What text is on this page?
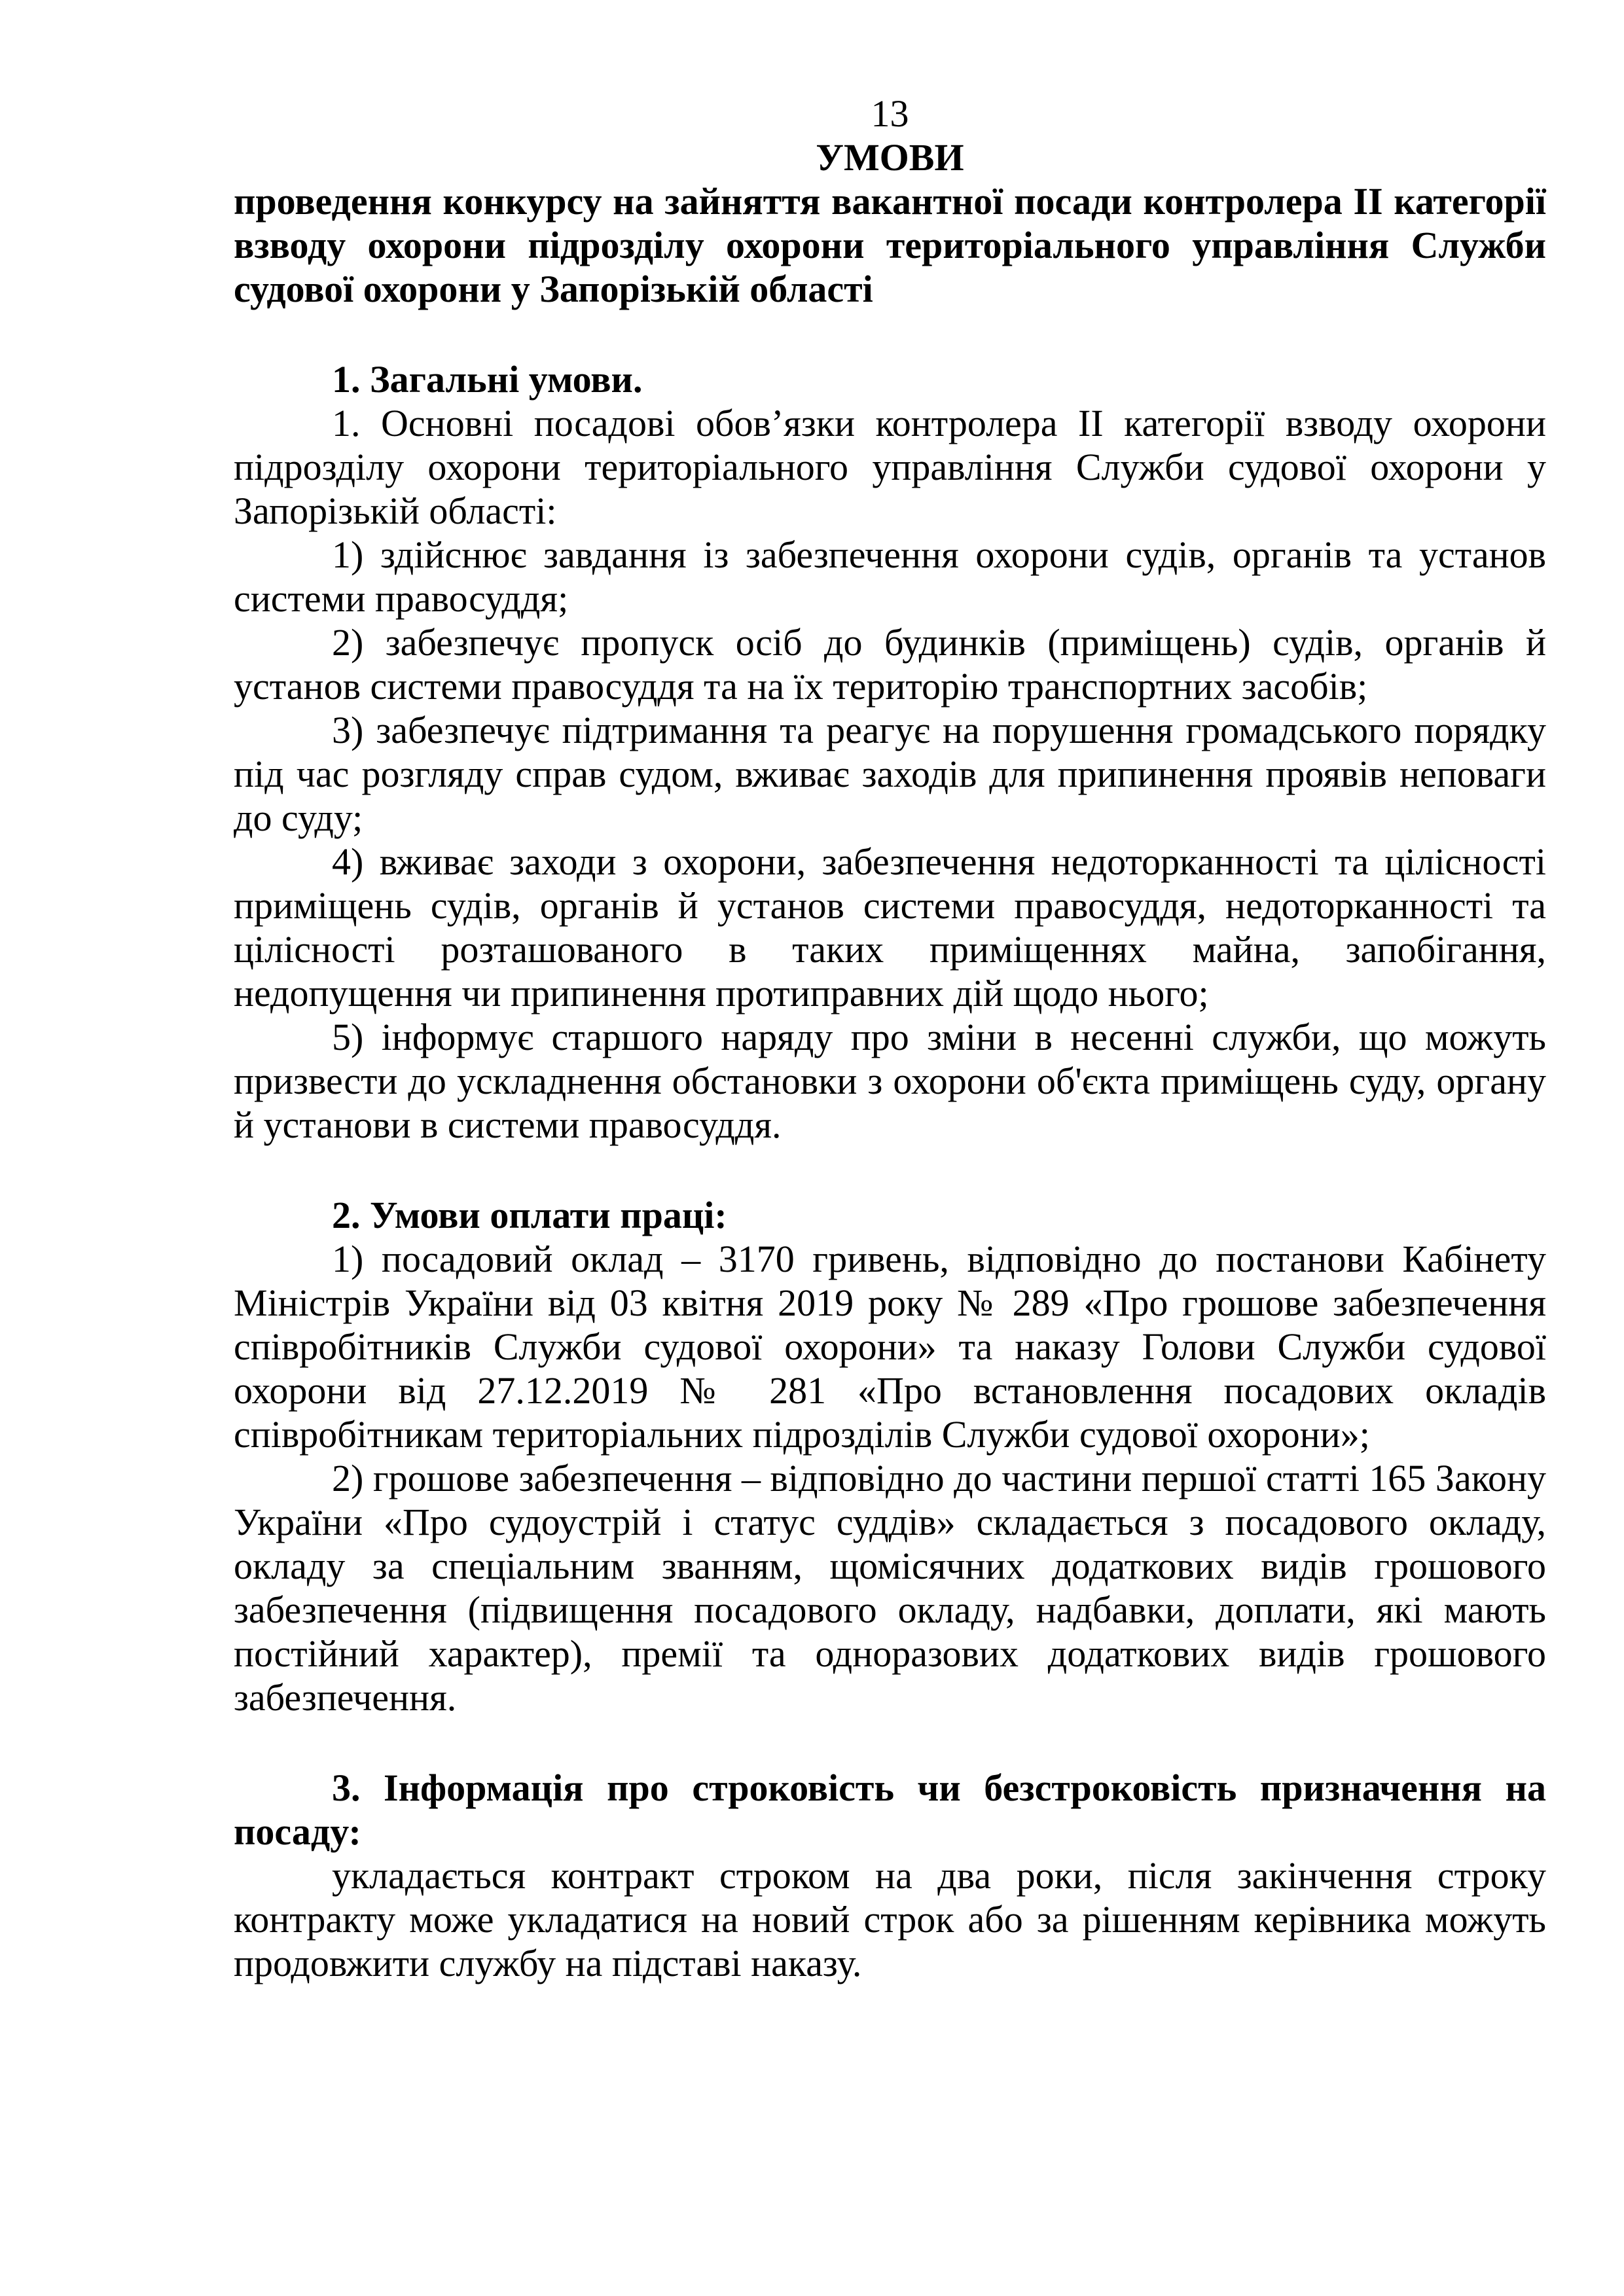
13

УМОВИ

проведення конкурсу на зайняття вакантної посади контролера ІІ категорії взводу охорони підрозділу охорони територіального управління Служби судової охорони у Запорізькій області

1. Загальні умови.

1. Основні посадові обов’язки контролера ІІ категорії взводу охорони підрозділу охорони територіального управління Служби судової охорони у Запорізькій області:

1) здійснює завдання із забезпечення охорони судів, органів та установ системи правосуддя;

2) забезпечує пропуск осіб до будинків (приміщень) судів, органів й установ системи правосуддя та на їх територію транспортних засобів;

3) забезпечує підтримання та реагує на порушення громадського порядку під час розгляду справ судом, вживає заходів для припинення проявів неповаги до суду;

4) вживає заходи з охорони, забезпечення недоторканності та цілісності приміщень судів, органів й установ системи правосуддя, недоторканності та цілісності розташованого в таких приміщеннях майна, запобігання, недопущення чи припинення протиправних дій щодо нього;

5) інформує старшого наряду про зміни в несенні служби, що можуть призвести до ускладнення обстановки з охорони об'єкта приміщень суду, органу й установи в системи правосуддя.

2. Умови оплати праці:

1) посадовий оклад – 3170 гривень, відповідно до постанови Кабінету Міністрів України від 03 квітня 2019 року № 289 «Про грошове забезпечення співробітників Служби судової охорони» та наказу Голови Служби судової охорони від 27.12.2019 № 281 «Про встановлення посадових окладів співробітникам територіальних підрозділів Служби судової охорони»;

2) грошове забезпечення – відповідно до частини першої статті 165 Закону України «Про судоустрій і статус суддів» складається з посадового окладу, окладу за спеціальним званням, щомісячних додаткових видів грошового забезпечення (підвищення посадового окладу, надбавки, доплати, які мають постійний характер), премії та одноразових додаткових видів грошового забезпечення.

3. Інформація про строковість чи безстроковість призначення на посаду:

укладається контракт строком на два роки, після закінчення строку контракту може укладатися на новий строк або за рішенням керівника можуть продовжити службу на підставі наказу.
